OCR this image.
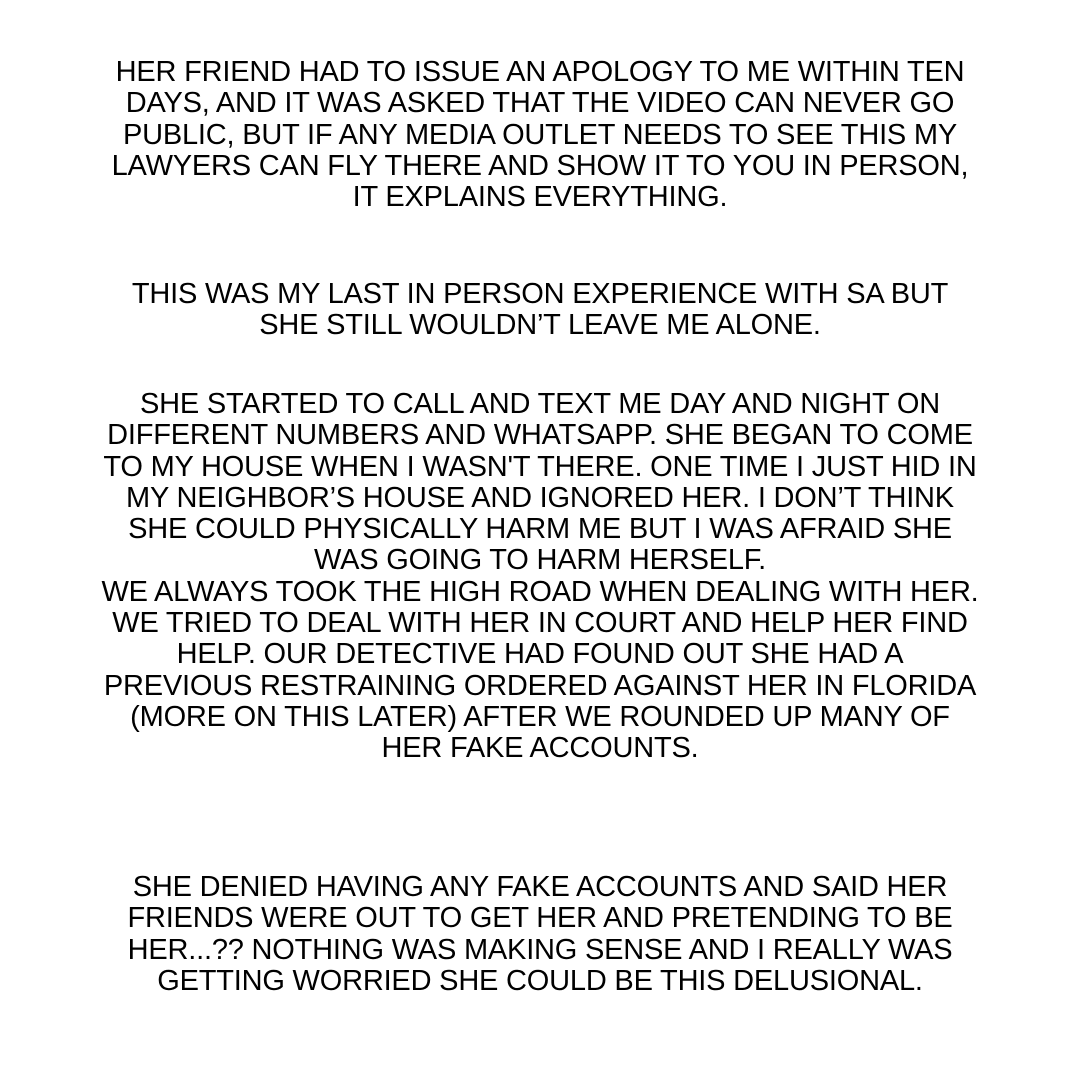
HER FRIEND HAD TO ISSUE AN APOLOGY TO ME WITHIN TEN
DAYS, AND IT WAS ASKED THAT THE VIDEO CAN NEVER GO
PUBLIC, BUT IF ANY MEDIA OUTLET NEEDS TO SEE THIS MY
LAWYERS CAN FLY THERE AND SHOW IT TO YOU IN PERSON,
IT EXPLAINS EVERYTHING.

THIS WAS MY LAST IN PERSON EXPERIENCE WITH SA BUT
SHE STILL WOULDN’T LEAVE ME ALONE.

SHE STARTED TO CALL AND TEXT ME DAY AND NIGHT ON
DIFFERENT NUMBERS AND WHATSAPP. SHE BEGAN TO COME
TO MY HOUSE WHEN I WASN'T THERE. ONE TIME I JUST HID IN
MY NEIGHBOR’S HOUSE AND IGNORED HER. I DON’T THINK
SHE COULD PHYSICALLY HARM ME BUT I WAS AFRAID SHE
WAS GOING TO HARM HERSELF.
WE ALWAYS TOOK THE HIGH ROAD WHEN DEALING WITH HER.
WE TRIED TO DEAL WITH HER IN COURT AND HELP HER FIND
HELP. OUR DETECTIVE HAD FOUND OUT SHE HAD A
PREVIOUS RESTRAINING ORDERED AGAINST HER IN FLORIDA
(MORE ON THIS LATER) AFTER WE ROUNDED UP MANY OF
HER FAKE ACCOUNTS.

SHE DENIED HAVING ANY FAKE ACCOUNTS AND SAID HER
FRIENDS WERE OUT TO GET HER AND PRETENDING TO BE
HER...?? NOTHING WAS MAKING SENSE AND I REALLY WAS
GETTING WORRIED SHE COULD BE THIS DELUSIONAL.
